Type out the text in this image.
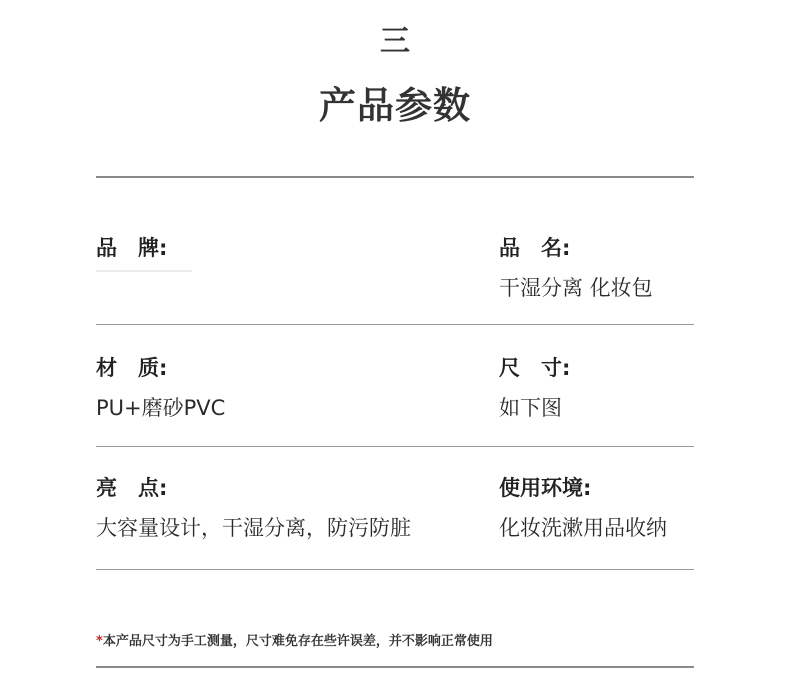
三
产品参数
品　牌:	品　名:
干湿分离 化妆包
材　质:
PU+磨砂PVC
尺　寸:
如下图
亮　点:
大容量设计，干湿分离，防污防脏
使用环境:
化妆洗漱用品收纳
*本产品尺寸为手工测量，尺寸难免存在些许误差，并不影响正常使用
